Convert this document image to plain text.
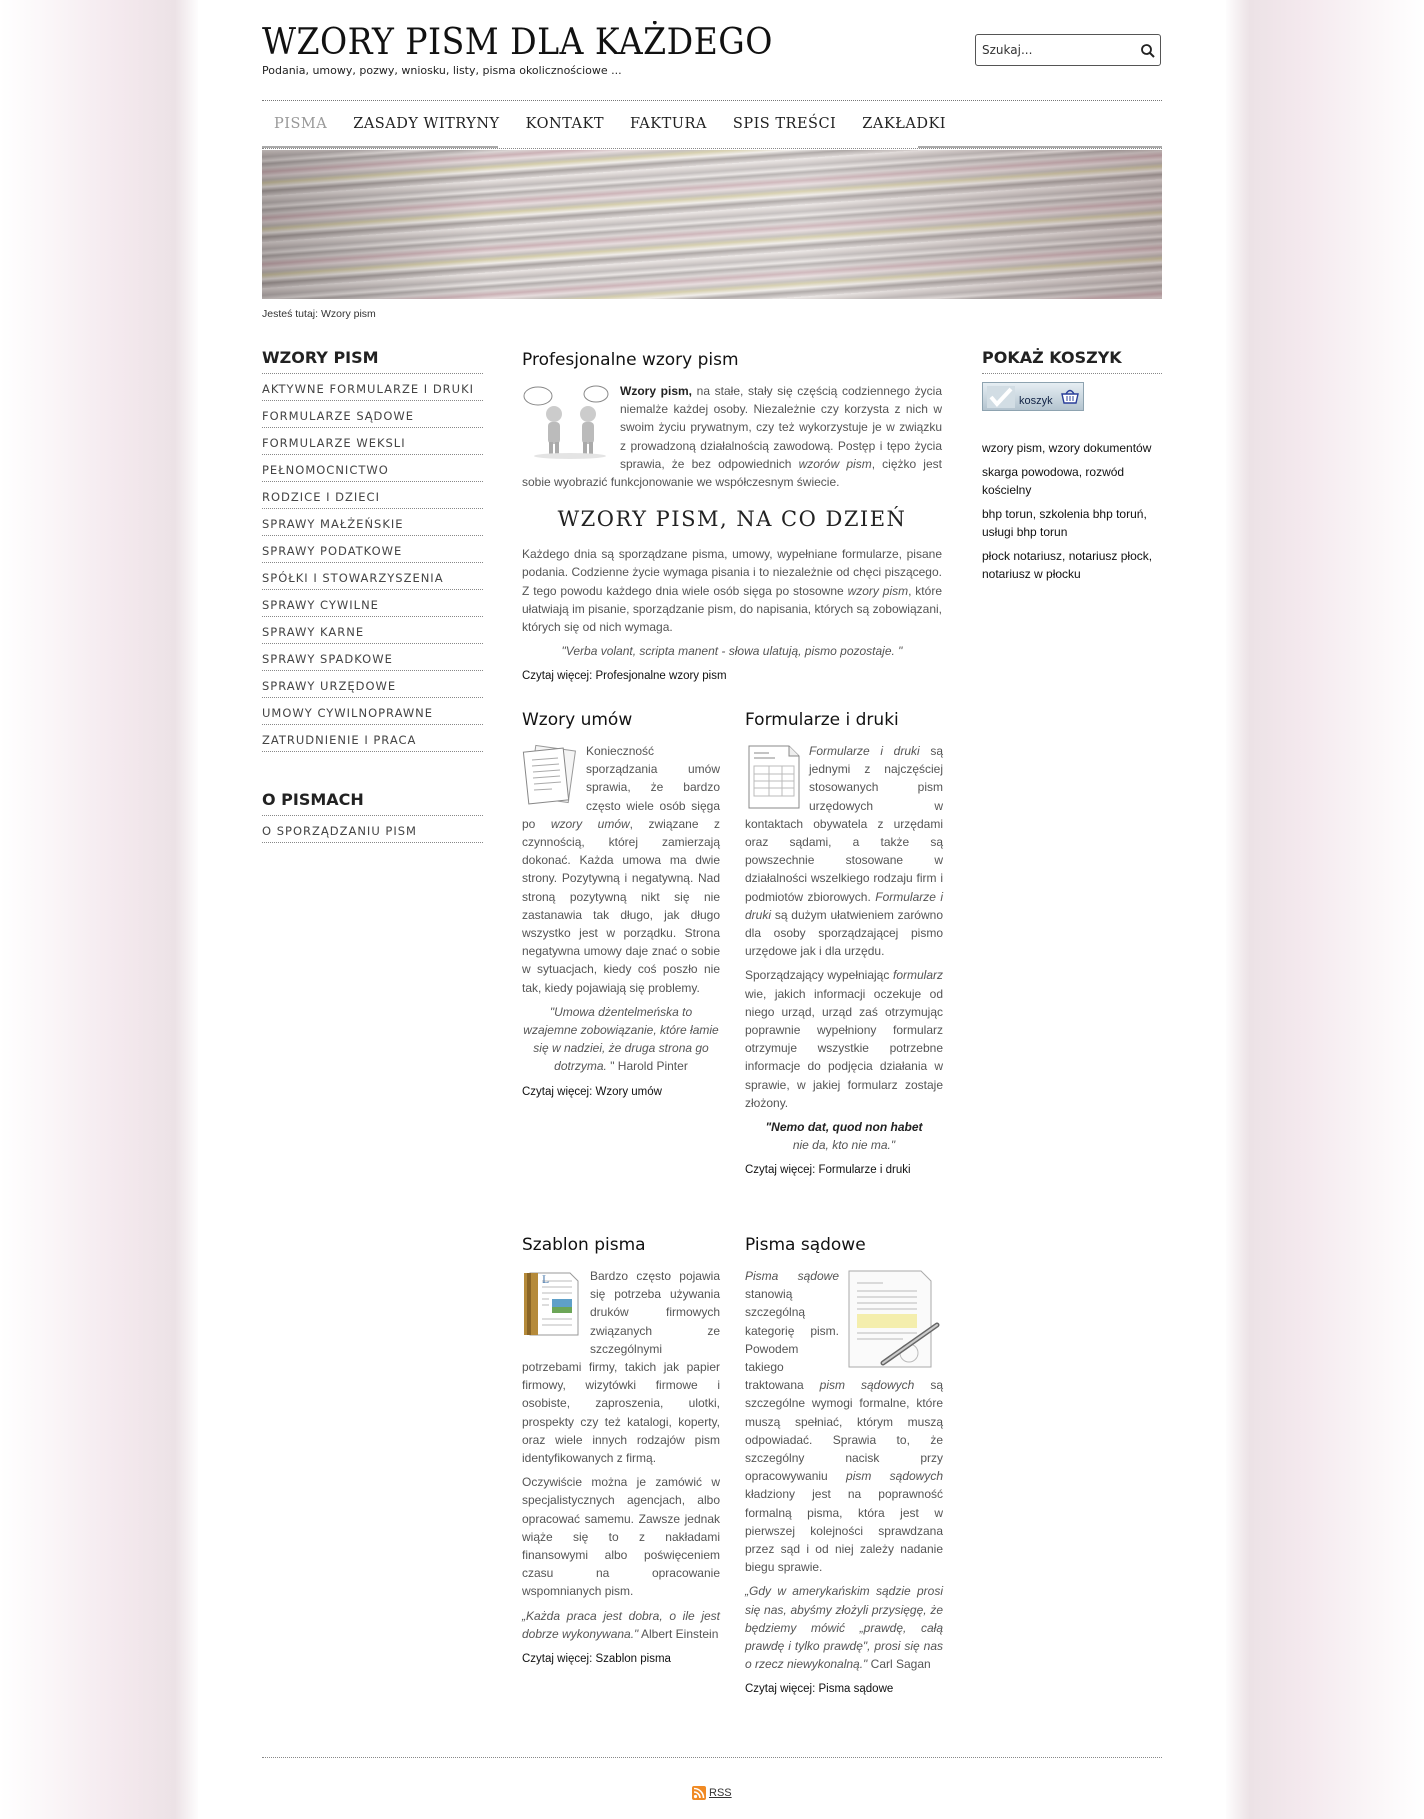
WZORY PISM DLA KAŻDEGO
Podania, umowy, pozwy, wniosku, listy, pisma okolicznościowe ...
Szukaj...
PISMA	ZASADY WITRYNY	KONTAKT	FAKTURA	SPIS TREŚCI	ZAKŁADKI
Jesteś tutaj: Wzory pism
WZORY PISM
AKTYWNE FORMULARZE I DRUKI
FORMULARZE SĄDOWE
FORMULARZE WEKSLI
PEŁNOMOCNICTWO
RODZICE I DZIECI
SPRAWY MAŁŻEŃSKIE
SPRAWY PODATKOWE
SPÓŁKI I STOWARZYSZENIA
SPRAWY CYWILNE
SPRAWY KARNE
SPRAWY SPADKOWE
SPRAWY URZĘDOWE
UMOWY CYWILNOPRAWNE
ZATRUDNIENIE I PRACA
O PISMACH
O SPORZĄDZANIU PISM
POKAŻ KOSZYK
koszyk
wzory pism, wzory dokumentów
skarga powodowa, rozwód kościelny
bhp torun, szkolenia bhp toruń, usługi bhp torun
płock notariusz, notariusz płock, notariusz w płocku
Profesjonalne wzory pism
Wzory pism, na stałe, stały się częścią codziennego życia niemalże każdej osoby. Niezależnie czy korzysta z nich w swoim życiu prywatnym, czy też wykorzystuje je w związku z prowadzoną działalnością zawodową. Postęp i tępo życia sprawia, że bez odpowiednich wzorów pism, ciężko jest sobie wyobrazić funkcjonowanie we współczesnym świecie.
WZORY PISM, NA CO DZIEŃ
Każdego dnia są sporządzane pisma, umowy, wypełniane formularze, pisane podania. Codzienne życie wymaga pisania i to niezależnie od chęci piszącego. Z tego powodu każdego dnia wiele osób sięga po stosowne wzory pism, które ułatwiają im pisanie, sporządzanie pism, do napisania, których są zobowiązani, których się od nich wymaga.
"Verba volant, scripta manent - słowa ulatują, pismo pozostaje. "
Czytaj więcej: Profesjonalne wzory pism
Wzory umów
Konieczność sporządzania umów sprawia, że bardzo często wiele osób sięga po wzory umów, związane z czynnością, której zamierzają dokonać. Każda umowa ma dwie strony. Pozytywną i negatywną. Nad stroną pozytywną nikt się nie zastanawia tak długo, jak długo wszystko jest w porządku. Strona negatywna umowy daje znać o sobie w sytuacjach, kiedy coś poszło nie tak, kiedy pojawiają się problemy.
"Umowa dżentelmeńska to wzajemne zobowiązanie, które łamie się w nadziei, że druga strona go dotrzyma. " Harold Pinter
Czytaj więcej: Wzory umów
Formularze i druki
Formularze i druki są jednymi z najczęściej stosowanych pism urzędowych w kontaktach obywatela z urzędami oraz sądami, a także są powszechnie stosowane w działalności wszelkiego rodzaju firm i podmiotów zbiorowych. Formularze i druki są dużym ułatwieniem zarówno dla osoby sporządzającej pismo urzędowe jak i dla urzędu.
Sporządzający wypełniając formularz wie, jakich informacji oczekuje od niego urząd, urząd zaś otrzymując poprawnie wypełniony formularz otrzymuje wszystkie potrzebne informacje do podjęcia działania w sprawie, w jakiej formularz zostaje złożony.
"Nemo dat, quod non habet
nie da, kto nie ma."
Czytaj więcej: Formularze i druki
Szablon pisma
L	Bardzo często pojawia się potrzeba używania druków firmowych związanych ze szczególnymi potrzebami firmy, takich jak papier firmowy, wizytówki firmowe i osobiste, zaproszenia, ulotki, prospekty czy też katalogi, koperty, oraz wiele innych rodzajów pism identyfikowanych z firmą.
Oczywiście można je zamówić w specjalistycznych agencjach, albo opracować samemu. Zawsze jednak wiąże się to z nakładami finansowymi albo poświęceniem czasu na opracowanie wspomnianych pism.
„Każda praca jest dobra, o ile jest dobrze wykonywana." Albert Einstein
Czytaj więcej: Szablon pisma
Pisma sądowe
Pisma sądowe stanowią szczególną kategorię pism. Powodem takiego traktowana pism sądowych są szczególne wymogi formalne, które muszą spełniać, którym muszą odpowiadać. Sprawia to, że szczególny nacisk przy opracowywaniu pism sądowych kładziony jest na poprawność formalną pisma, która jest w pierwszej kolejności sprawdzana przez sąd i od niej zależy nadanie biegu sprawie.
„Gdy w amerykańskim sądzie prosi się nas, abyśmy złożyli przysięgę, że będziemy mówić „prawdę, całą prawdę i tylko prawdę", prosi się nas o rzecz niewykonalną." Carl Sagan
Czytaj więcej: Pisma sądowe
RSS
